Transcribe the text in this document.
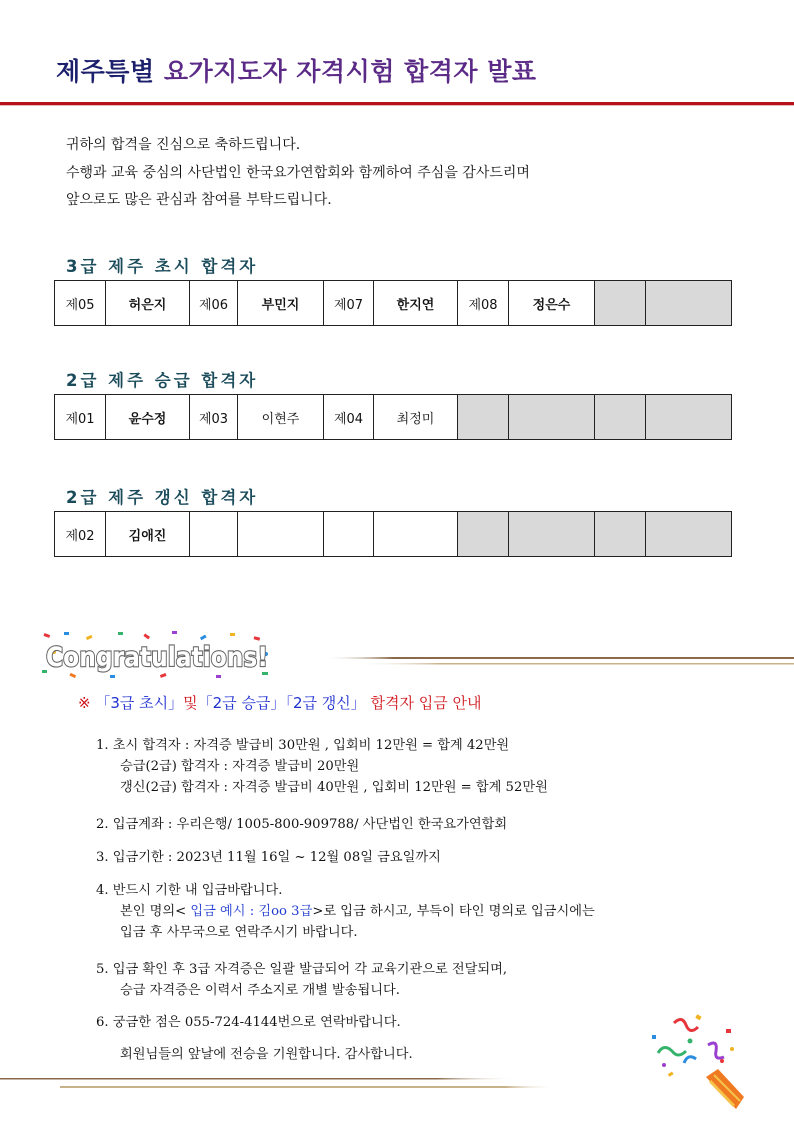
제주특별 요가지도자 자격시험 합격자 발표
귀하의 합격을 진심으로 축하드립니다.
수행과 교육 중심의 사단법인 한국요가연합회와 함께하여 주심을 감사드리며
앞으로도 많은 관심과 참여를 부탁드립니다.
3급 제주 초시 합격자
제05	허은지	제06	부민지	제07	한지연	제08	정은수		
2급 제주 승급 합격자
제01	윤수정	제03	이현주	제04	최정미				
2급 제주 갱신 합격자
제02	김애진								
Congratulations!
※ 「3급 초시」및「2급 승급」「2급 갱신」 합격자 입금 안내
1. 초시 합격자 : 자격증 발급비 30만원 , 입회비 12만원 = 합계 42만원
승급(2급) 합격자 : 자격증 발급비 20만원
갱신(2급) 합격자 : 자격증 발급비 40만원 , 입회비 12만원 = 합계 52만원
2. 입금계좌 : 우리은행/ 1005-800-909788/ 사단법인 한국요가연합회
3. 입금기한 : 2023년 11월 16일 ~ 12월 08일 금요일까지
4. 반드시 기한 내 입금바랍니다.
본인 명의< 입금 예시 : 김oo 3급>로 입금 하시고, 부득이 타인 명의로 입금시에는
입금 후 사무국으로 연락주시기 바랍니다.
5. 입금 확인 후 3급 자격증은 일괄 발급되어 각 교육기관으로 전달되며,
승급 자격증은 이력서 주소지로 개별 발송됩니다.
6. 궁금한 점은 055-724-4144번으로 연락바랍니다.
회원님들의 앞날에 전승을 기원합니다. 감사합니다.
